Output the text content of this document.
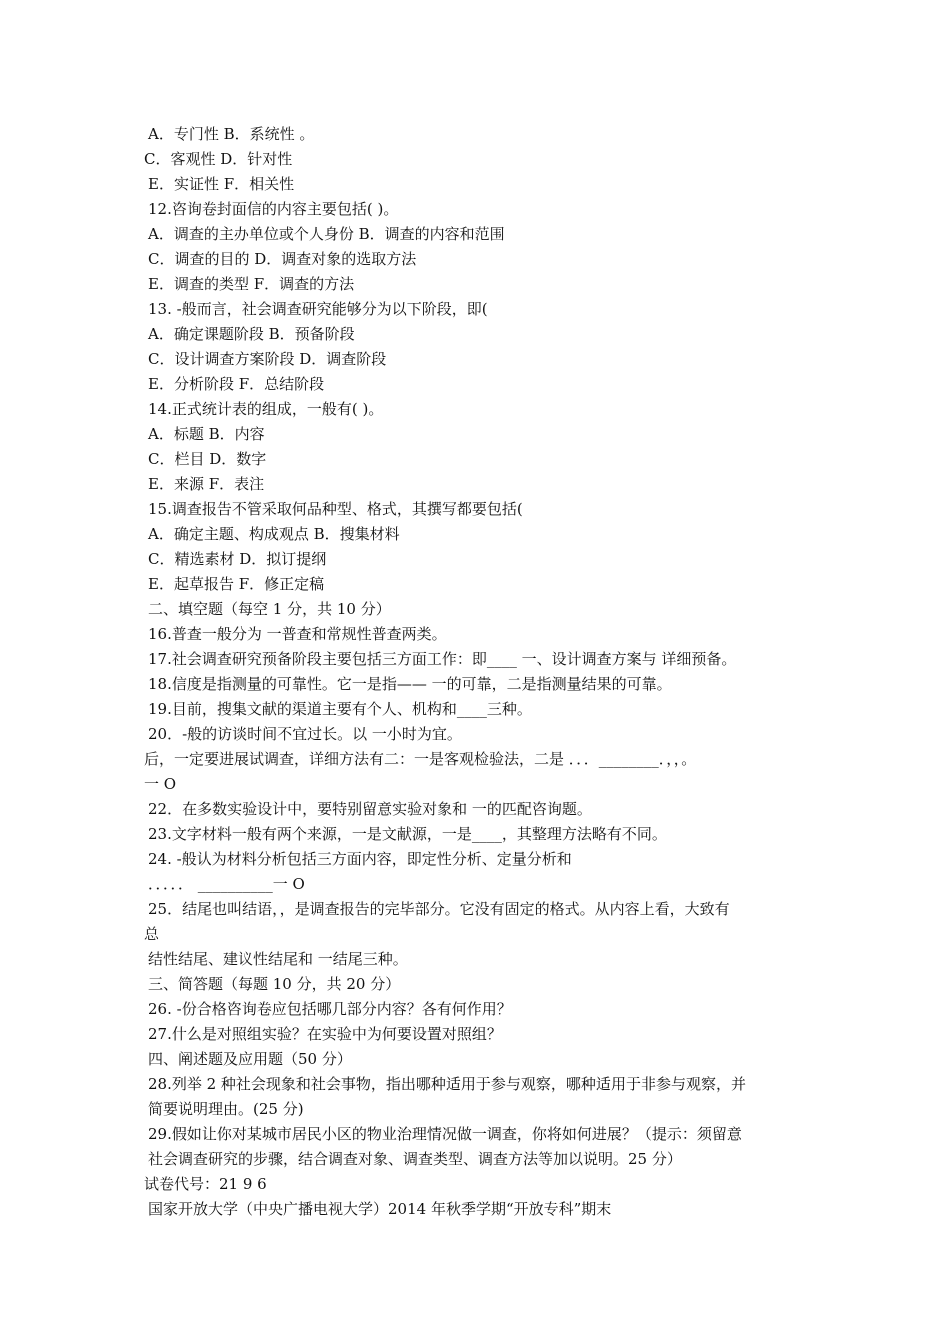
A．专门性 B．系统性 。
C．客观性 D．针对性
E．实证性 F．相关性
12.咨询卷封面信的内容主要包括( )。
A．调查的主办单位或个人身份 B．调查的内容和范围
C．调查的目的 D．调查对象的选取方法
E．调查的类型 F．调查的方法
13. -般而言，社会调查研究能够分为以下阶段，即(
A．确定课题阶段 B．预备阶段
C．设计调查方案阶段 D．调查阶段
E．分析阶段 F．总结阶段
14.正式统计表的组成，一般有( )。
A．标题 B．内容
C．栏目 D．数字
E．来源 F．表注
15.调查报告不管采取何品种型、格式，其撰写都要包括(
A．确定主题、构成观点 B．搜集材料
C．精选素材 D．拟订提纲
E．起草报告 F．修正定稿
二、填空题（每空 1 分，共 10 分）
16.普查一般分为 一普查和常规性普查两类。
17.社会调查研究预备阶段主要包括三方面工作：即____ 一、设计调查方案与 详细预备。
18.信度是指测量的可靠性。它一是指—— 一的可靠，二是指测量结果的可靠。
19.目前，搜集文献的渠道主要有个人、机构和____三种。
20．-般的访谈时间不宜过长。以 一小时为宜。
后，一定要进展试调查，详细方法有二：一是客观检验法，二是 ．．．________．，，。
一 O
22．在多数实验设计中，要特别留意实验对象和 一的匹配咨询题。
23.文字材料一般有两个来源，一是文献源，一是____，其整理方法略有不同。
24. -般认为材料分析包括三方面内容，即定性分析、定量分析和
．．．．． __________一 O
25．结尾也叫结语，，是调查报告的完毕部分。它没有固定的格式。从内容上看，大致有
总
结性结尾、建议性结尾和 一结尾三种。
三、简答题（每题 10 分，共 20 分）
26. -份合格咨询卷应包括哪几部分内容？各有何作用？
27.什么是对照组实验？在实验中为何要设置对照组？
四、阐述题及应用题（50 分）
28.列举 2 种社会现象和社会事物，指出哪种适用于参与观察，哪种适用于非参与观察，并
简要说明理由。(25 分)
29.假如让你对某城市居民小区的物业治理情况做一调查，你将如何进展？（提示：须留意
社会调查研究的步骤，结合调查对象、调查类型、调查方法等加以说明。25 分）
试卷代号：21 9 6
国家开放大学（中央广播电视大学）2014 年秋季学期“开放专科”期末
